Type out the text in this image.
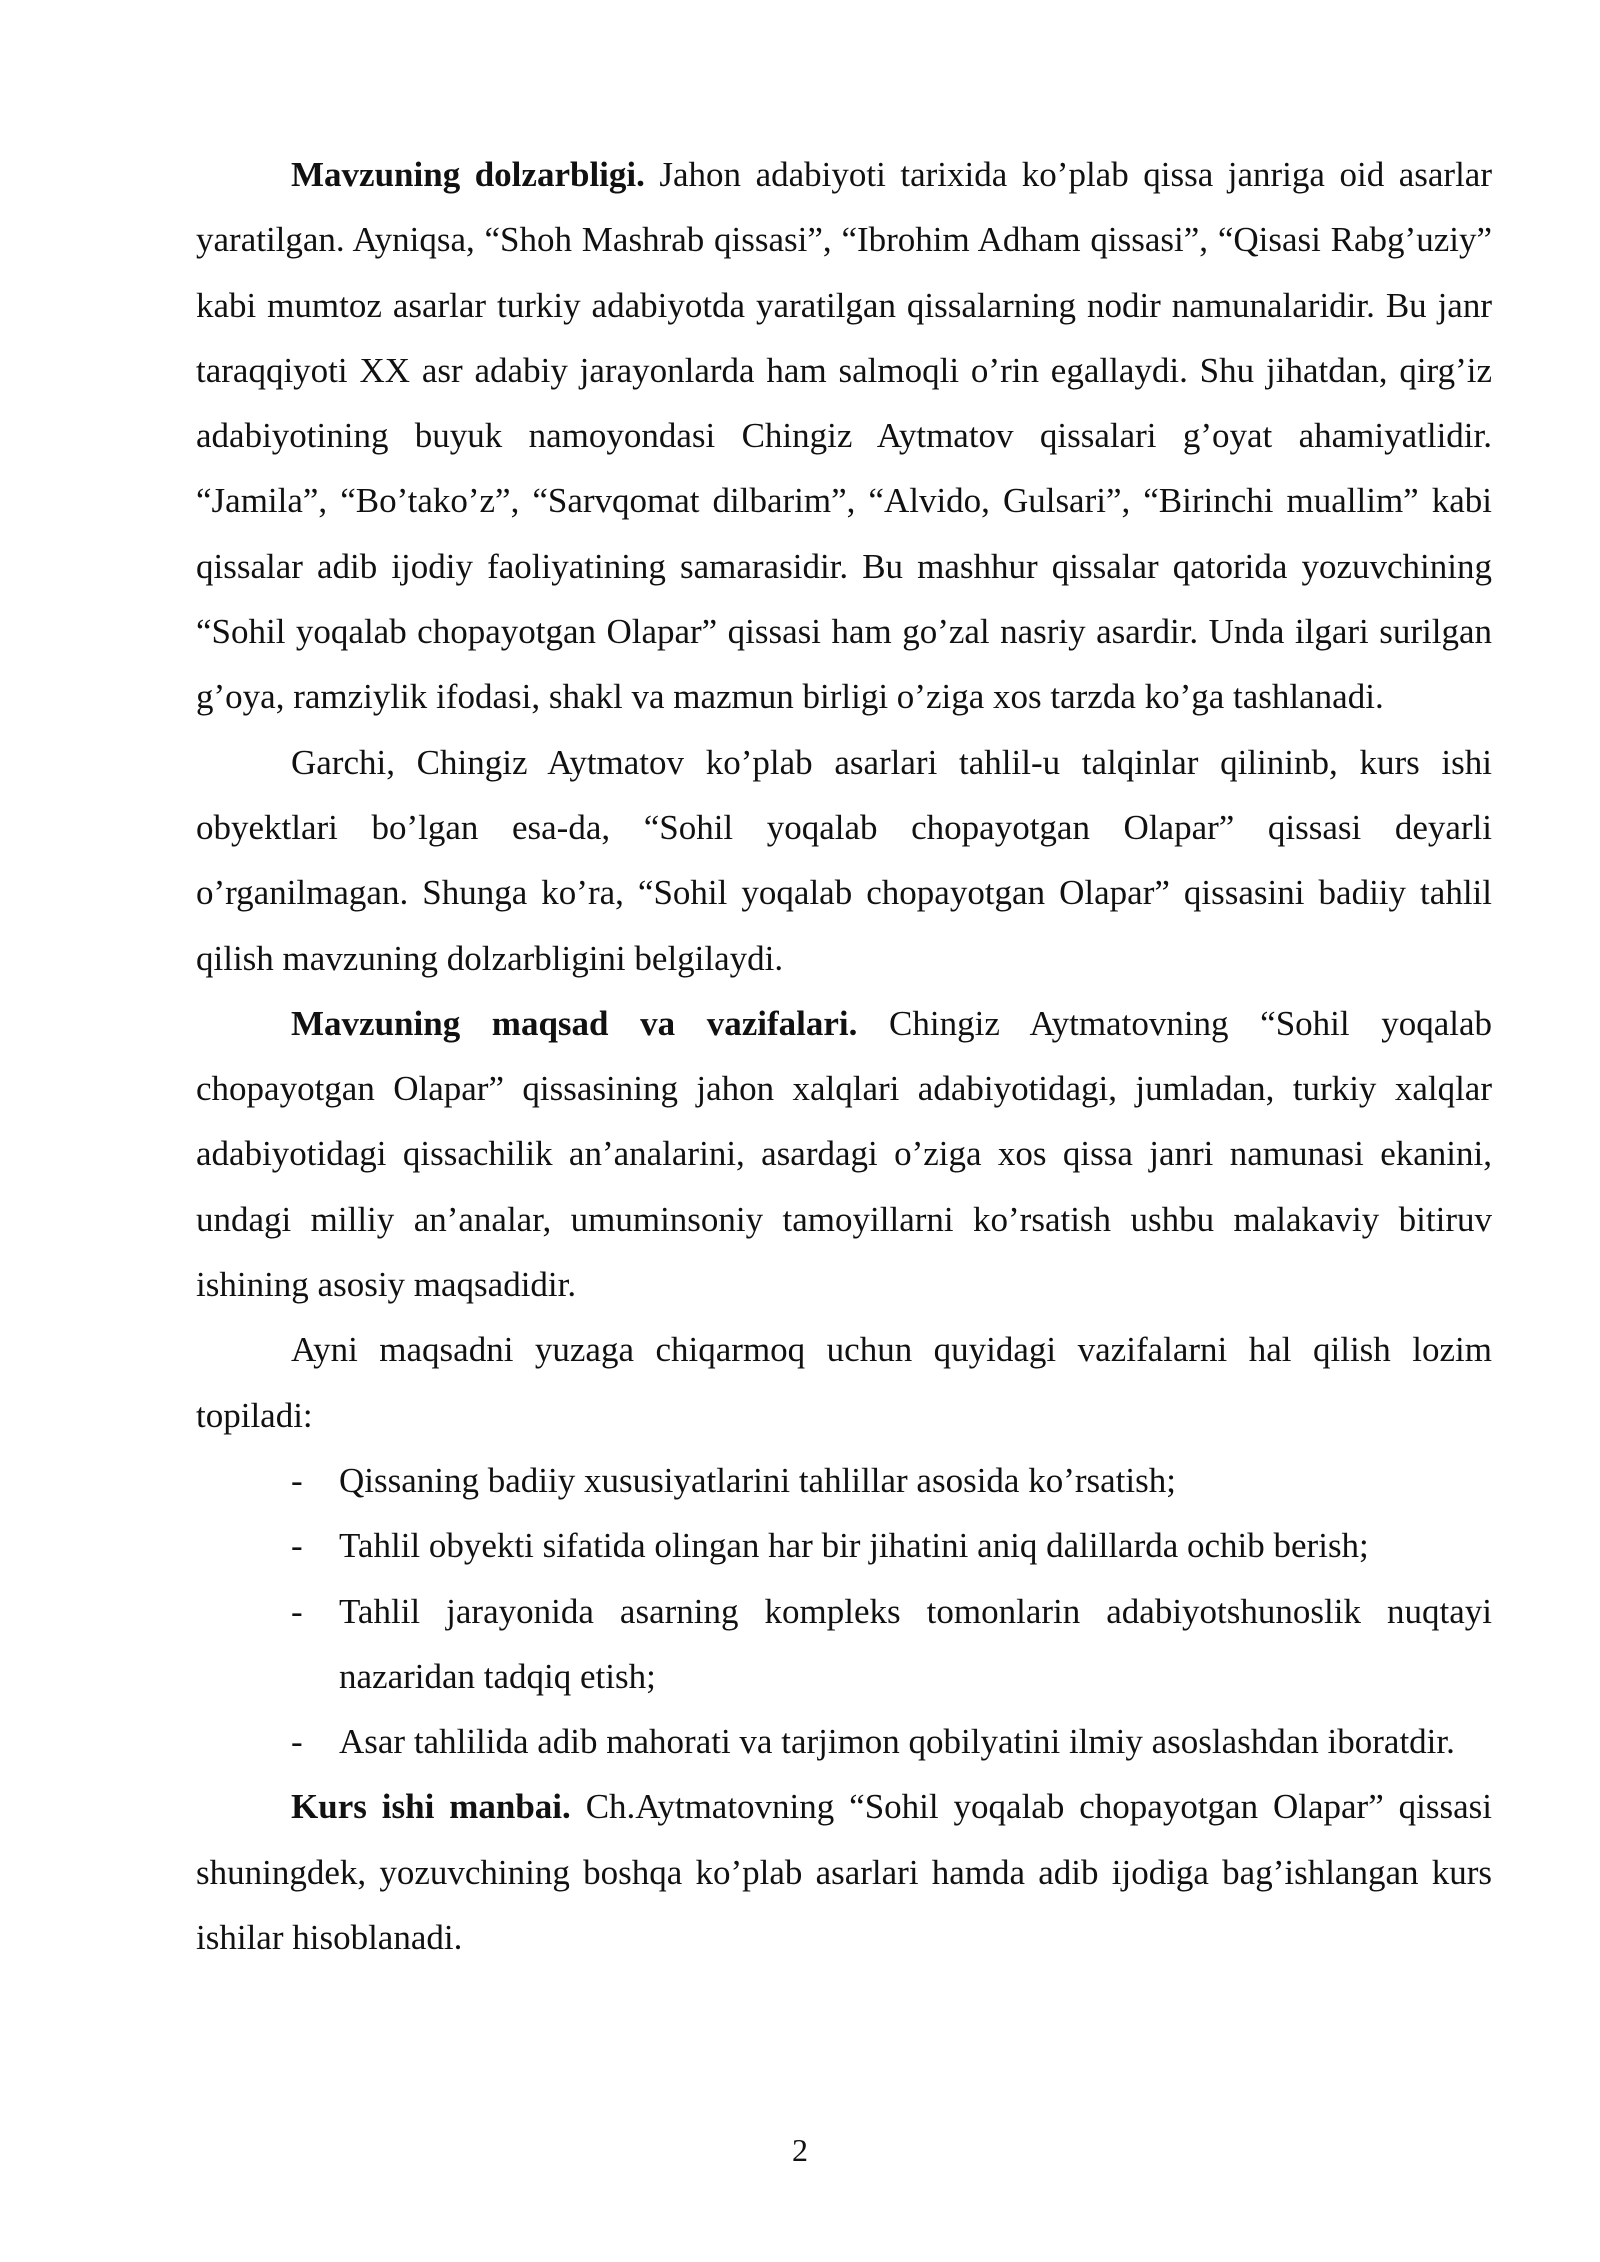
Mavzuning dolzarbligi. Jahon adabiyoti tarixida ko’plab qissa janriga oid asarlar yaratilgan. Ayniqsa, “Shoh Mashrab qissasi”, “Ibrohim Adham qissasi”, “Qisasi Rabg’uziy” kabi mumtoz asarlar turkiy adabiyotda yaratilgan qissalarning nodir namunalaridir. Bu janr taraqqiyoti XX asr adabiy jarayonlarda ham salmoqli o’rin egallaydi. Shu jihatdan, qirg’iz adabiyotining buyuk namoyondasi Chingiz Aytmatov qissalari g’oyat ahamiyatlidir. “Jamila”, “Bo’tako’z”, “Sarvqomat dilbarim”, “Alvido, Gulsari”, “Birinchi muallim” kabi qissalar adib ijodiy faoliyatining samarasidir. Bu mashhur qissalar qatorida yozuvchining “Sohil yoqalab chopayotgan Olapar” qissasi ham go’zal nasriy asardir. Unda ilgari surilgan g’oya, ramziylik ifodasi, shakl va mazmun birligi o’ziga xos tarzda ko’ga tashlanadi.

Garchi, Chingiz Aytmatov ko’plab asarlari tahlil-u talqinlar qilininb, kurs ishi obyektlari bo’lgan esa-da, “Sohil yoqalab chopayotgan Olapar” qissasi deyarli o’rganilmagan. Shunga ko’ra, “Sohil yoqalab chopayotgan Olapar” qissasini badiiy tahlil qilish mavzuning dolzarbligini belgilaydi.

Mavzuning maqsad va vazifalari. Chingiz Aytmatovning “Sohil yoqalab chopayotgan Olapar” qissasining jahon xalqlari adabiyotidagi, jumladan, turkiy xalqlar adabiyotidagi qissachilik an’analarini, asardagi o’ziga xos qissa janri namunasi ekanini, undagi milliy an’analar, umuminsoniy tamoyillarni ko’rsatish ushbu malakaviy bitiruv ishining asosiy maqsadidir.

Ayni maqsadni yuzaga chiqarmoq uchun quyidagi vazifalarni hal qilish lozim topiladi:

- Qissaning badiiy xususiyatlarini tahlillar asosida ko’rsatish;
- Tahlil obyekti sifatida olingan har bir jihatini aniq dalillarda ochib berish;
- Tahlil jarayonida asarning kompleks tomonlarin adabiyotshunoslik nuqtayi nazaridan tadqiq etish;
- Asar tahlilida adib mahorati va tarjimon qobilyatini ilmiy asoslashdan iboratdir.

Kurs ishi manbai. Ch.Aytmatovning “Sohil yoqalab chopayotgan Olapar” qissasi shuningdek, yozuvchining boshqa ko’plab asarlari hamda adib ijodiga bag’ishlangan kurs ishilar hisoblanadi.

2
